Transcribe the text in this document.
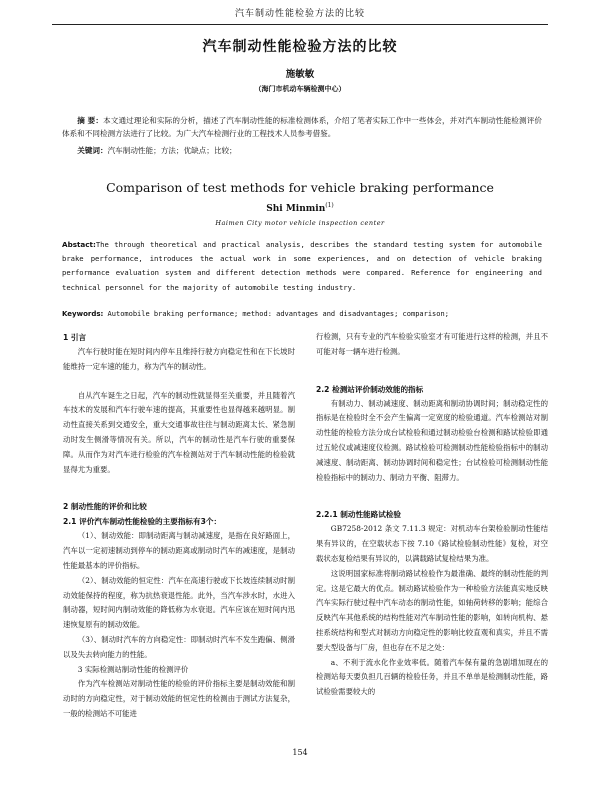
汽车制动性能检验方法的比较
汽车制动性能检验方法的比较
施敏敏
（海门市机动车辆检测中心）
摘 要：本文通过理论和实际的分析，描述了汽车制动性能的标准检测体系，介绍了笔者实际工作中一些体会，并对汽车制动性能检测评价体系和不同检测方法进行了比较。为广大汽车检测行业的工程技术人员参考借鉴。
关键词：汽车制动性能；方法；优缺点；比较；
Comparison of test methods for vehicle braking performance
Shi Minmin$^{(1)}$
Haimen City motor vehicle inspection center
Abstact:The through theoretical and practical analysis, describes the standard testing system for automobile brake performance, introduces the actual work in some experiences, and on detection of vehicle braking performance evaluation system and different detection methods were compared. Reference for engineering and technical personnel for the majority of automobile testing industry.
Keywords: Automobile braking performance; method: advantages and disadvantages; comparison;
1 引言

汽车行驶时能在短时间内停车且维持行驶方向稳定性和在下长坡时能维持一定车速的能力，称为汽车的制动性。

自从汽车诞生之日起，汽车的制动性就显得至关重要，并且随着汽车技术的发展和汽车行驶车速的提高，其重要性也显得越来越明显。制动性直接关系到交通安全，重大交通事故往往与制动距离太长、紧急制动时发生侧滑等情况有关。所以，汽车的制动性是汽车行驶的重要保障。从而作为对汽车进行检验的汽车检测站对于汽车制动性能的检验就显得尤为重要。

2 制动性能的评价和比较
2.1 评价汽车制动性能检验的主要指标有3个：

（1）、制动效能：即制动距离与制动减速度，是指在良好路面上，汽车以一定初速制动到停车的制动距离或制动时汽车的减速度，是制动性能最基本的评价指标。

（2）、制动效能的恒定性：汽车在高速行驶或下长坡连续制动时制动效能保持的程度，称为抗热衰退性能。此外，当汽车涉水时，水进入制动器，短时间内制动效能的降低称为水衰退。汽车应该在短时间内迅速恢复原有的制动效能。

（3）、制动时汽车的方向稳定性：即制动时汽车不发生跑偏、侧滑以及失去转向能力的性能。

3 实际检测站制动性能的检测评价

作为汽车检测站对制动性能的检验的评价指标主要是制动效能和制动时的方向稳定性，对于制动效能的恒定性的检测由于测试方法复杂，一般的检测站不可能进

行检测，只有专业的汽车检验实验室才有可能进行这样的检测，并且不可能对每一辆车进行检测。

2.2 检测站评价制动效能的指标

有制动力、制动减速度、制动距离和制动协调时间；制动稳定性的指标是在检验时全不会产生偏离一定宽度的检验通道。汽车检测站对制动性能的检验方法分成台试检验和通过制动检验台检测和路试检验即通过五轮仪或减速度仪检测。路试检验可检测制动性能检验指标中的制动减速度、制动距离、制动协调时间和稳定性；台试检验可检测制动性能检验指标中的制动力、制动力平衡、阻滞力。

2.2.1 制动性能路试检验

GB7258-2012 条文 7.11.3 规定：对机动车台架检验制动性能结果有异议的，在空载状态下按 7.10《路试检验制动性能》复检，对空载状态复检结果有异议的，以满载路试复检结果为准。

这说明国家标准将制动路试检验作为最准确、最终的制动性能的判定。这是它最大的优点。制动路试检验作为一种检验方法能真实地反映汽车实际行驶过程中汽车动态的制动性能，如轴荷转移的影响；能综合反映汽车其他系统的结构性能对汽车制动性能的影响，如转向机构、悬挂系统结构和型式对制动方向稳定性的影响比较直观和真实，并且不需要大型设备与厂房，但也存在不足之处：

a、不利于流水化作业效率低。随着汽车保有量的急剧增加现在的检测站每天要负担几百辆的检验任务，并且不单单是检测制动性能，路试检验需要较大的

154
